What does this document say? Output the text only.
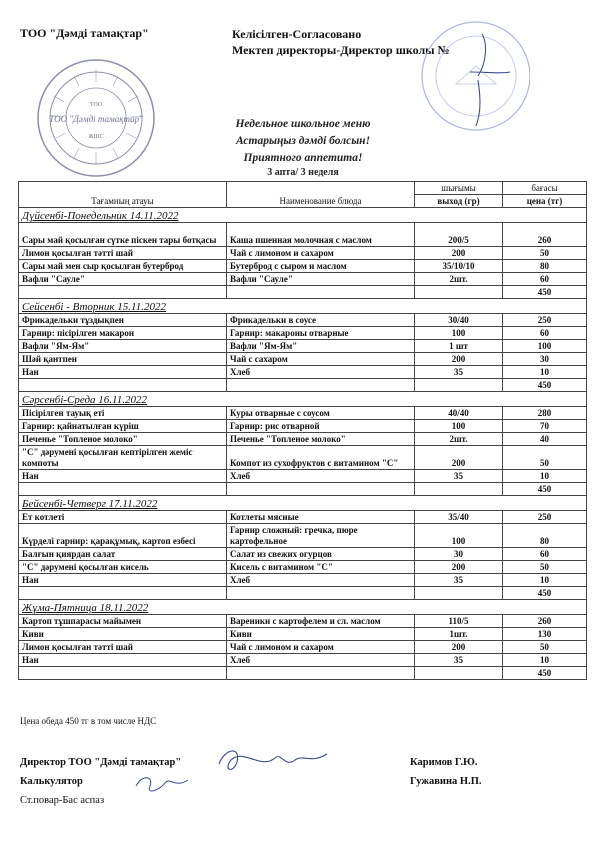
ТОО "Дәмді тамақтар"	Келісілген-Согласовано
Мектеп директоры-Директор школы №
ТОО
ТОО "Дәмді тамақтар"
ЖШС
Недельное школьное меню
Астарыңыз дәмді болсын!
Приятного аппетита!
3 апта/ 3 неделя
Тағамның атауы	Наименование блюда	шығымы	бағасы
		выход (гр)	цена (тг)
Дүйсенбі-Понедельник 14.11.2022			
Сары май қосылған сүтке піскен тары ботқасы	Каша пшенная молочная с маслом	200/5	260
Лимон қосылған тәтті шай	Чай с лимоном и сахаром	200	50
Сары май мен сыр қосылған бутерброд	Бутерброд с сыром и маслом	35/10/10	80
Вафли "Сауле"	Вафли "Сауле"	2шт.	60
			450
Сейсенбі - Вторник 15.11.2022			
Фрикадельки тұздықпен	Фрикадельки в соусе	30/40	250
Гарнир: пісірілген макарон	Гарнир: макароны отварные	100	60
Вафли "Ям-Ям"	Вафли "Ям-Ям"	1 шт	100
Шәй қантпен	Чай с сахаром	200	30
Нан	Хлеб	35	10
			450
Сәрсенбі-Среда 16.11.2022			
Пісірілген тауық еті	Куры отварные с соусом	40/40	280
Гарнир: қайнатылған күріш	Гарнир: рис отварной	100	70
Печенье "Топленое молоко"	Печенье "Топленое молоко"	2шт.	40
"С" дәрумені қосылған кептірілген жеміс компоты	Компот из сухофруктов с витамином "С"	200	50
Нан	Хлеб	35	10
			450
Бейсенбі-Четверг 17.11.2022			
Ет котлеті	Котлеты мясные	35/40	250
Күрделі гарнир: қарақұмық, картоп езбесі	Гарнир сложный: гречка, пюре картофельное	100	80
Балғын қиярдан салат	Салат из свежих огурцов	30	60
"С" дәрумені қосылған кисель	Кисель с витамином "С"	200	50
Нан	Хлеб	35	10
			450
Жұма-Пятница 18.11.2022			
Картоп тұшпарасы майымен	Вареники с картофелем и сл. маслом	110/5	260
Киви	Киви	1шт.	130
Лимон қосылған тәтті шай	Чай с лимоном и сахаром	200	50
Нан	Хлеб	35	10
			450
Цена обеда 450 тг в том числе НДС
Директор ТОО "Дәмді тамақтар"	Каримов Г.Ю.
Калькулятор	Гужавина Н.П.
Ст.повар-Бас аспаз
